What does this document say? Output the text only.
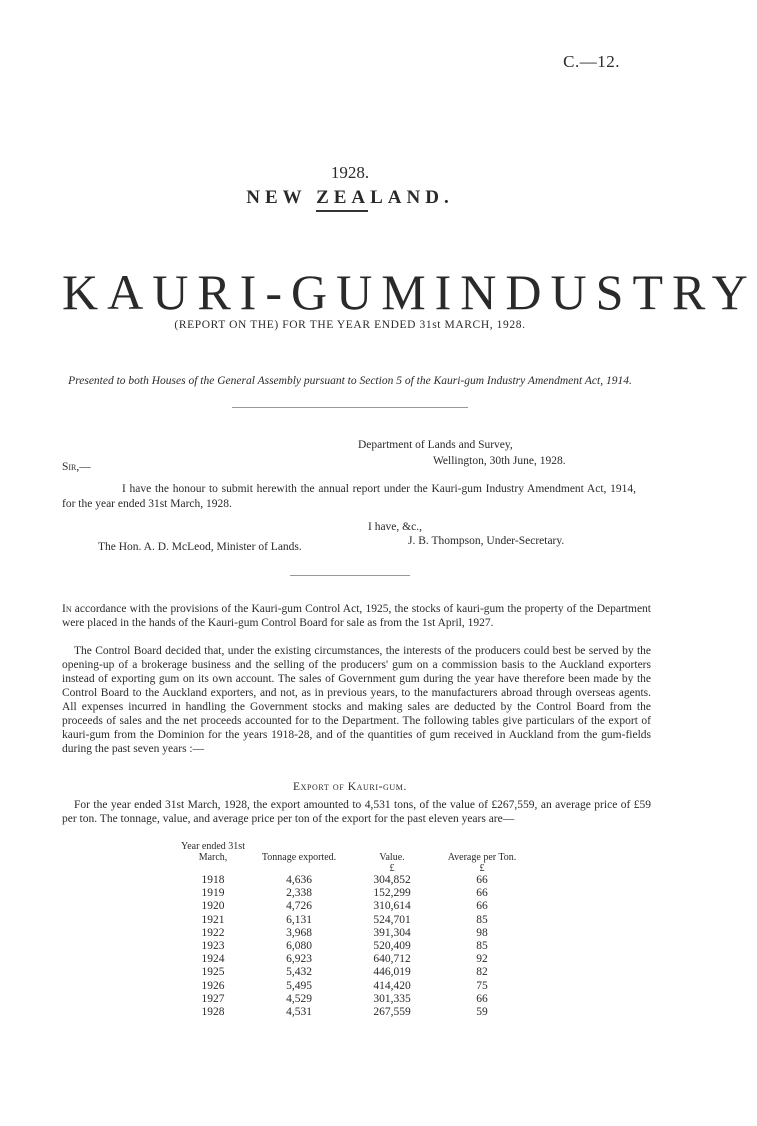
C.—12.
1928.
NEW ZEALAND.
KAURI-GUM INDUSTRY
(REPORT ON THE) FOR THE YEAR ENDED 31st MARCH, 1928.
Presented to both Houses of the General Assembly pursuant to Section 5 of the Kauri-gum Industry Amendment Act, 1914.
Department of Lands and Survey,
Wellington, 30th June, 1928.
Sir,—

I have the honour to submit herewith the annual report under the Kauri-gum Industry Amendment Act, 1914, for the year ended 31st March, 1928.

I have, &c.,
J. B. Thompson, Under-Secretary.
The Hon. A. D. McLeod, Minister of Lands.

In accordance with the provisions of the Kauri-gum Control Act, 1925, the stocks of kauri-gum the property of the Department were placed in the hands of the Kauri-gum Control Board for sale as from the 1st April, 1927.

The Control Board decided that, under the existing circumstances, the interests of the producers could best be served by the opening-up of a brokerage business and the selling of the producers' gum on a commission basis to the Auckland exporters instead of exporting gum on its own account. The sales of Government gum during the year have therefore been made by the Control Board to the Auckland exporters, and not, as in previous years, to the manufacturers abroad through overseas agents. All expenses incurred in handling the Government stocks and making sales are deducted by the Control Board from the proceeds of sales and the net proceeds accounted for to the Department. The following tables give particulars of the export of kauri-gum from the Dominion for the years 1918-28, and of the quantities of gum received in Auckland from the gum-fields during the past seven years :—

Export of Kauri-gum.

For the year ended 31st March, 1928, the export amounted to 4,531 tons, of the value of £267,559, an average price of £59 per ton. The tonnage, value, and average price per ton of the export for the past eleven years are—

Year ended 31st March,	Tonnage exported.	Value.	Average per Ton.
		£	£
1918	4,636	304,852	66
1919	2,338	152,299	66
1920	4,726	310,614	66
1921	6,131	524,701	85
1922	3,968	391,304	98
1923	6,080	520,409	85
1924	6,923	640,712	92
1925	5,432	446,019	82
1926	5,495	414,420	75
1927	4,529	301,335	66
1928	4,531	267,559	59
